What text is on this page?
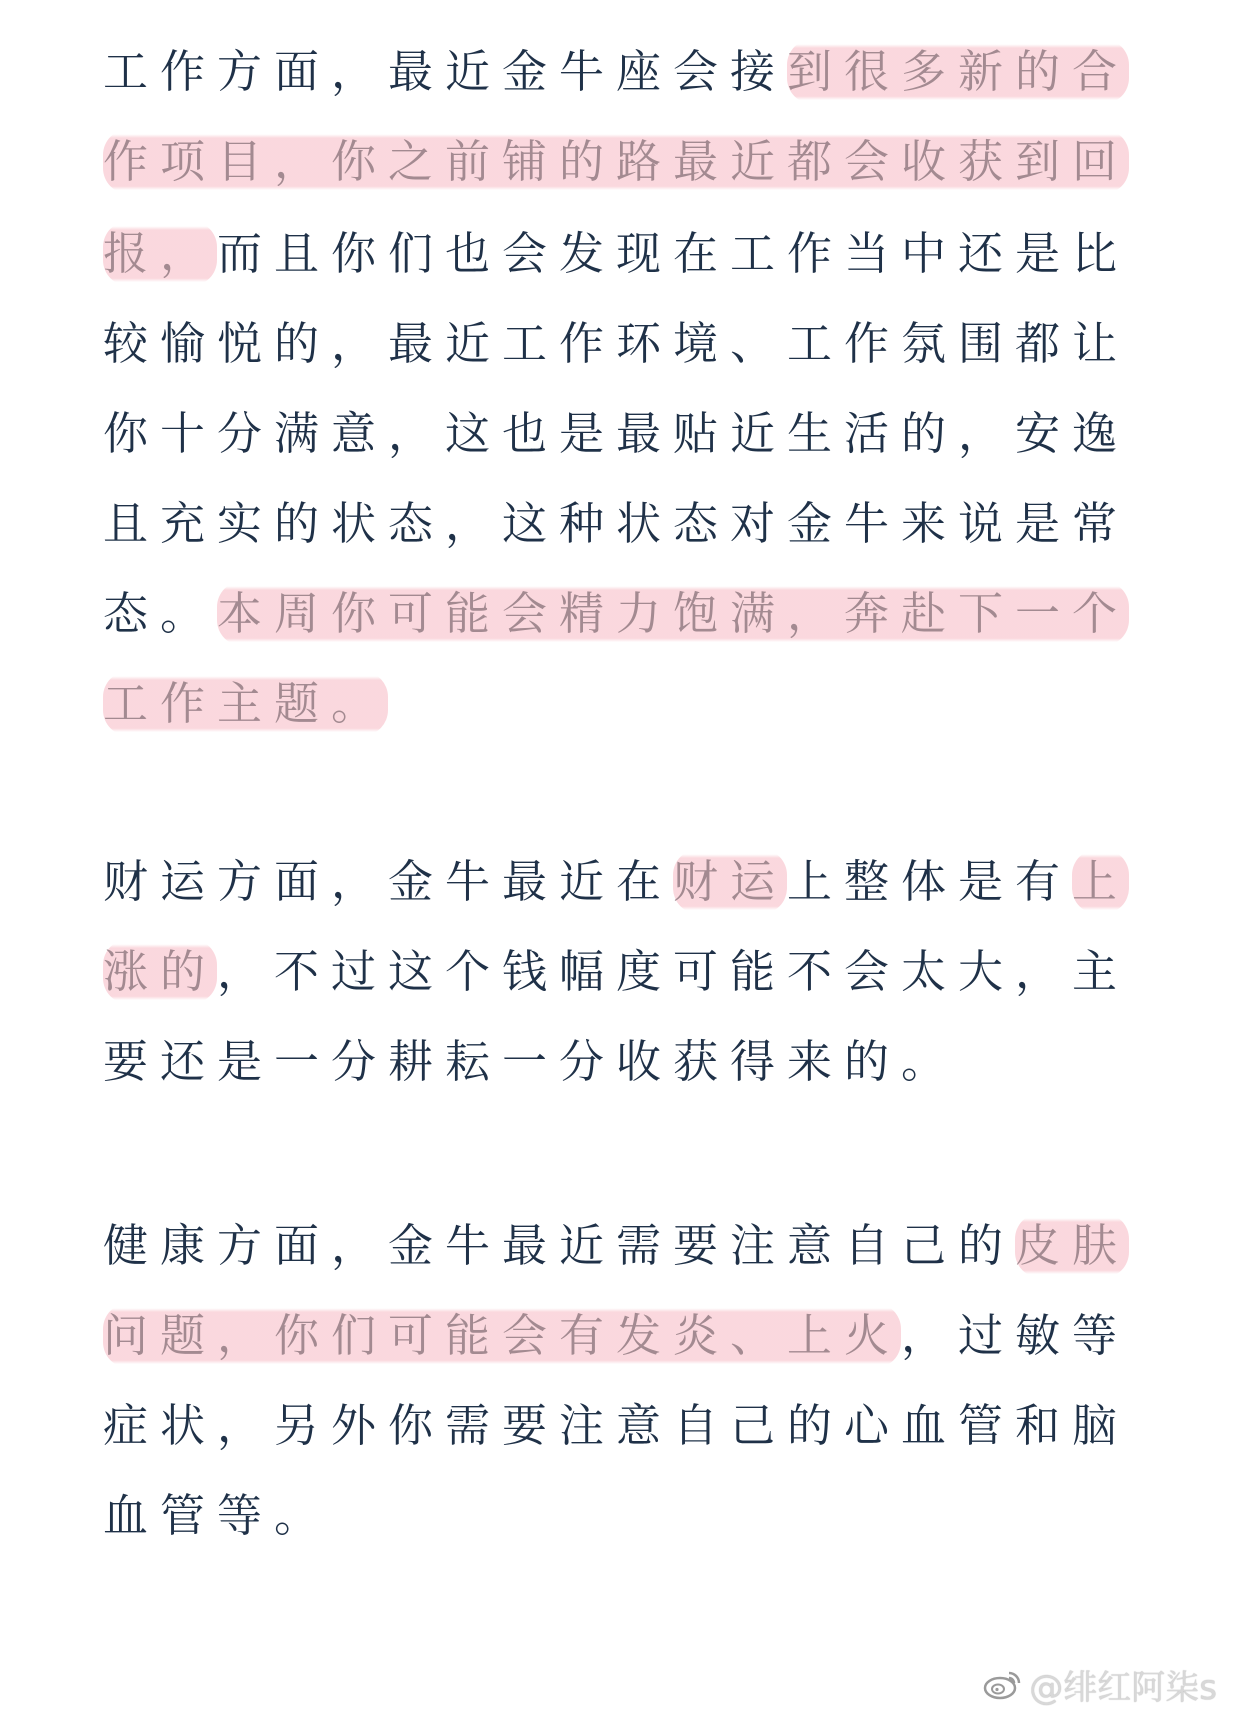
工作方面，最近金牛座会接到很多新的合
作项目，你之前铺的路最近都会收获到回
报，而且你们也会发现在工作当中还是比
较愉悦的，最近工作环境、工作氛围都让
你十分满意，这也是最贴近生活的，安逸
且充实的状态，这种状态对金牛来说是常
态。本周你可能会精力饱满，奔赴下一个
工作主题。
财运方面，金牛最近在财运上整体是有上
涨的，不过这个钱幅度可能不会太大，主
要还是一分耕耘一分收获得来的。
健康方面，金牛最近需要注意自己的皮肤
问题，你们可能会有发炎、上火，过敏等
症状，另外你需要注意自己的心血管和脑
血管等。
@绯红阿柒s
